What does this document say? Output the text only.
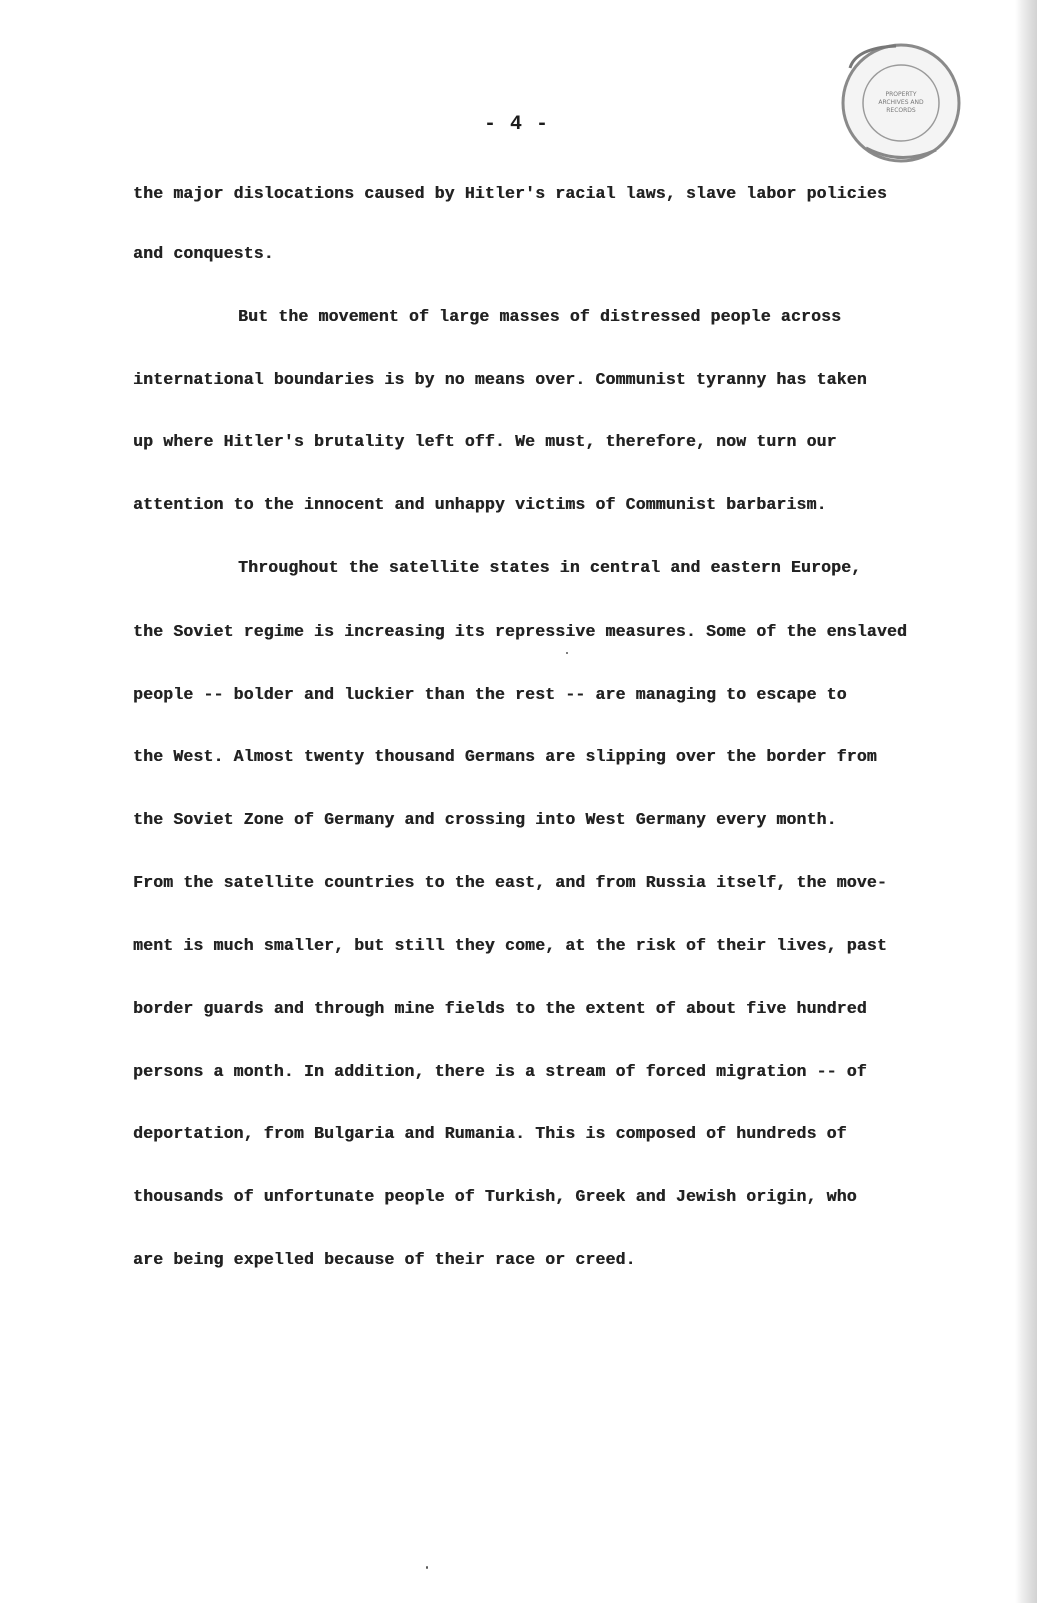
PROPERTY
ARCHIVES AND
RECORDS
- 4 -

the major dislocations caused by Hitler's racial laws, slave labor policies

and conquests.

But the movement of large masses of distressed people across

international boundaries is by no means over. Communist tyranny has taken

up where Hitler's brutality left off. We must, therefore, now turn our

attention to the innocent and unhappy victims of Communist barbarism.

Throughout the satellite states in central and eastern Europe,

the Soviet regime is increasing its repressive measures. Some of the enslaved

people -- bolder and luckier than the rest -- are managing to escape to

the West. Almost twenty thousand Germans are slipping over the border from

the Soviet Zone of Germany and crossing into West Germany every month.

From the satellite countries to the east, and from Russia itself, the move-

ment is much smaller, but still they come, at the risk of their lives, past

border guards and through mine fields to the extent of about five hundred

persons a month. In addition, there is a stream of forced migration -- of

deportation, from Bulgaria and Rumania. This is composed of hundreds of

thousands of unfortunate people of Turkish, Greek and Jewish origin, who

are being expelled because of their race or creed.
